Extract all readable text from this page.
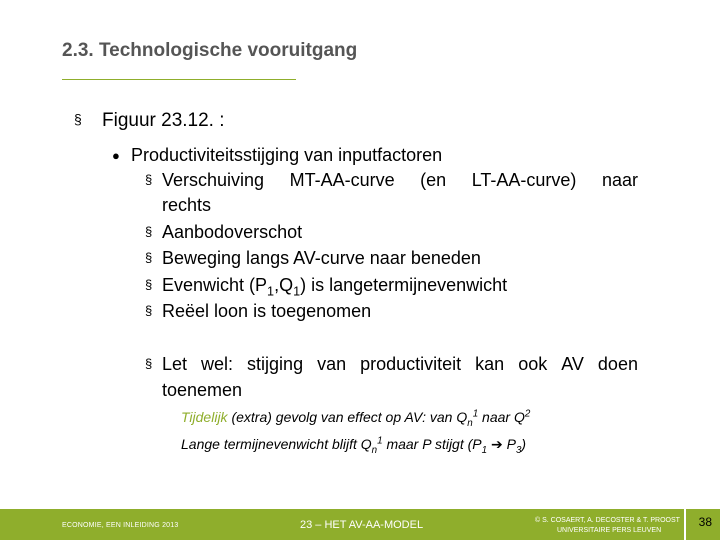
2.3. Technologische vooruitgang
§ Figuur 23.12. :
● Productiviteitsstijging van inputfactoren
§ Verschuiving MT-AA-curve (en LT-AA-curve) naar
rechts
§ Aanbodoverschot
§ Beweging langs AV-curve naar beneden
§ Evenwicht $(P_1,Q_1)$ is langetermijnevenwicht
§ Reëel loon is toegenomen
§ Let wel: stijging van productiviteit kan ook AV doen
toenemen
Tijdelijk (extra) gevolg van effect op AV: van $Q_n^1$ naar $Q^2$
Lange termijnevenwicht blijft $Q_n^1$ maar P stijgt ($P_1$ ➔ $P_3$)
ECONOMIE, EEN INLEIDING 2013	23 – HET AV-AA-MODEL	© S. COSAERT, A. DECOSTER & T. PROOST
UNIVERSITAIRE PERS LEUVEN
38
